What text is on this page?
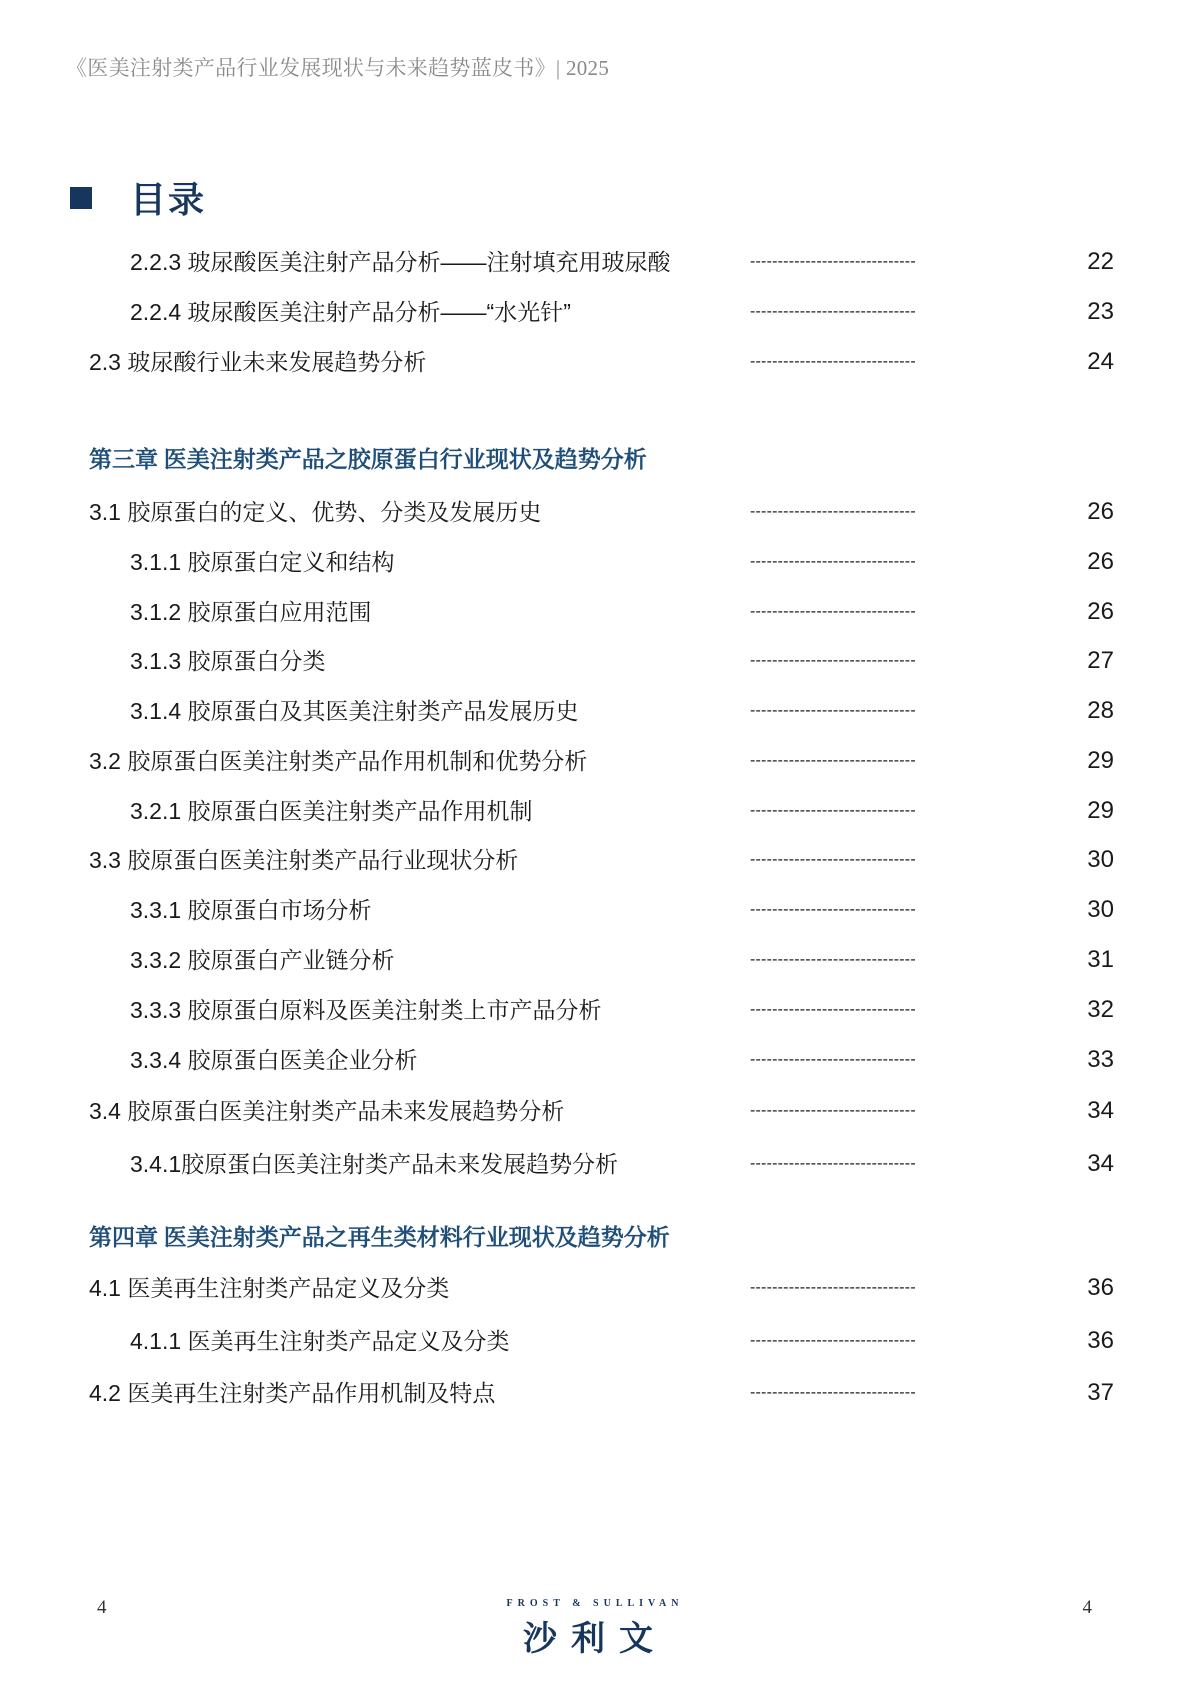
《医美注射类产品行业发展现状与未来趋势蓝皮书》| 2025
目录
2.2.3 玻尿酸医美注射产品分析——注射填充用玻尿酸	------------------------------	22
2.2.4 玻尿酸医美注射产品分析——“水光针”	------------------------------	23
2.3 玻尿酸行业未来发展趋势分析	------------------------------	24
第三章 医美注射类产品之胶原蛋白行业现状及趋势分析
3.1 胶原蛋白的定义、优势、分类及发展历史	------------------------------	26
3.1.1 胶原蛋白定义和结构	------------------------------	26
3.1.2 胶原蛋白应用范围	------------------------------	26
3.1.3 胶原蛋白分类	------------------------------	27
3.1.4 胶原蛋白及其医美注射类产品发展历史	------------------------------	28
3.2 胶原蛋白医美注射类产品作用机制和优势分析	------------------------------	29
3.2.1 胶原蛋白医美注射类产品作用机制	------------------------------	29
3.3 胶原蛋白医美注射类产品行业现状分析	------------------------------	30
3.3.1 胶原蛋白市场分析	------------------------------	30
3.3.2 胶原蛋白产业链分析	------------------------------	31
3.3.3 胶原蛋白原料及医美注射类上市产品分析	------------------------------	32
3.3.4 胶原蛋白医美企业分析	------------------------------	33
3.4 胶原蛋白医美注射类产品未来发展趋势分析	------------------------------	34
3.4.1胶原蛋白医美注射类产品未来发展趋势分析	------------------------------	34
第四章 医美注射类产品之再生类材料行业现状及趋势分析
4.1 医美再生注射类产品定义及分类	------------------------------	36
4.1.1 医美再生注射类产品定义及分类	------------------------------	36
4.2 医美再生注射类产品作用机制及特点	------------------------------	37
4	FROST & SULLIVAN
沙利文
4
